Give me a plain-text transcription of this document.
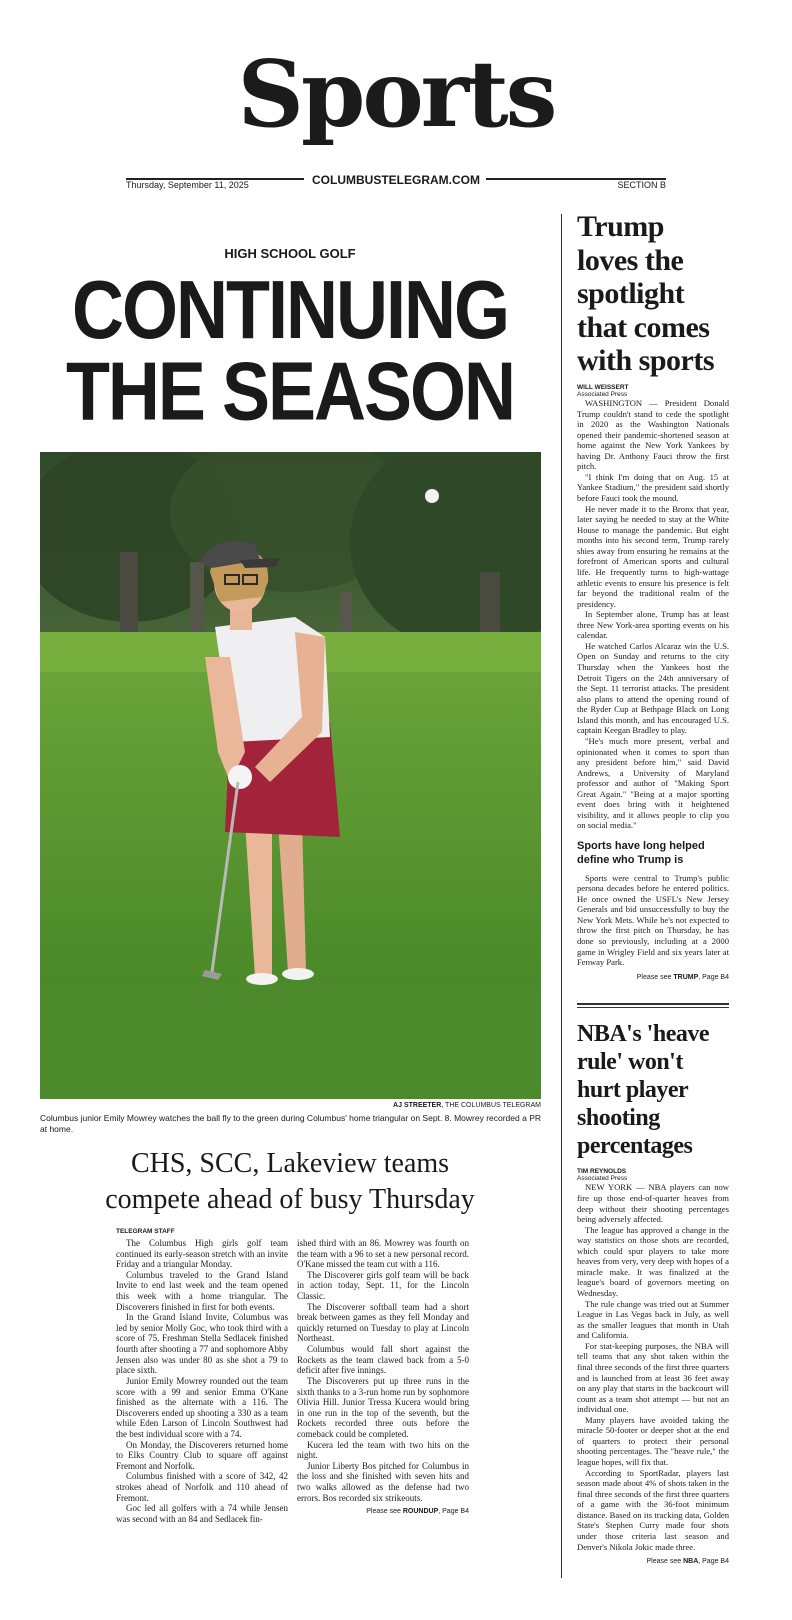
Sports
Thursday, September 11, 2025	COLUMBUSTELEGRAM.COM	SECTION B
HIGH SCHOOL GOLF
CONTINUING
THE SEASON
AJ STREETER, THE COLUMBUS TELEGRAM
Columbus junior Emily Mowrey watches the ball fly to the green during Columbus' home triangular on Sept. 8. Mowrey recorded a PR at home.
CHS, SCC, Lakeview teams compete ahead of busy Thursday
TELEGRAM STAFF

The Columbus High girls golf team continued its early-season stretch with an invite Friday and a triangular Monday.

Columbus traveled to the Grand Island Invite to end last week and the team opened this week with a home triangular. The Discoverers finished in first for both events.

In the Grand Island Invite, Columbus was led by senior Molly Goc, who took third with a score of 75. Freshman Stella Sedlacek finished fourth after shooting a 77 and sophomore Abby Jensen also was under 80 as she shot a 79 to place sixth.

Junior Emily Mowrey rounded out the team score with a 99 and senior Emma O'Kane finished as the alternate with a 116. The Discoverers ended up shooting a 330 as a team while Eden Larson of Lincoln Southwest had the best individual score with a 74.

On Monday, the Discoverers returned home to Elks Country Club to square off against Fremont and Norfolk.

Columbus finished with a score of 342, 42 strokes ahead of Norfolk and 110 ahead of Fremont.

Goc led all golfers with a 74 while Jensen was second with an 84 and Sedlacek fin-

ished third with an 86. Mowrey was fourth on the team with a 96 to set a new personal record. O'Kane missed the team cut with a 116.

The Discoverer girls golf team will be back in action today, Sept. 11, for the Lincoln Classic.

The Discoverer softball team had a short break between games as they fell Monday and quickly returned on Tuesday to play at Lincoln Northeast.

Columbus would fall short against the Rockets as the team clawed back from a 5-0 deficit after five innings.

The Discoverers put up three runs in the sixth thanks to a 3-run home run by sophomore Olivia Hill. Junior Tressa Kucera would bring in one run in the top of the seventh, but the Rockets recorded three outs before the comeback could be completed.

Kucera led the team with two hits on the night.

Junior Liberty Bos pitched for Columbus in the loss and she finished with seven hits and two walks allowed as the defense had two errors. Bos recorded six strikeouts.

Please see ROUNDUP, Page B4
Trump loves the spotlight that comes with sports
WILL WEISSERT
Associated Press

WASHINGTON — President Donald Trump couldn't stand to cede the spotlight in 2020 as the Washington Nationals opened their pandemic-shortened season at home against the New York Yankees by having Dr. Anthony Fauci throw the first pitch.

"I think I'm doing that on Aug. 15 at Yankee Stadium," the president said shortly before Fauci took the mound.

He never made it to the Bronx that year, later saying he needed to stay at the White House to manage the pandemic. But eight months into his second term, Trump rarely shies away from ensuring he remains at the forefront of American sports and cultural life. He frequently turns to high-wattage athletic events to ensure his presence is felt far beyond the traditional realm of the presidency.

In September alone, Trump has at least three New York-area sporting events on his calendar.

He watched Carlos Alcaraz win the U.S. Open on Sunday and returns to the city Thursday when the Yankees host the Detroit Tigers on the 24th anniversary of the Sept. 11 terrorist attacks. The president also plans to attend the opening round of the Ryder Cup at Bethpage Black on Long Island this month, and has encouraged U.S. captain Keegan Bradley to play.

"He's much more present, verbal and opinionated when it comes to sport than any president before him," said David Andrews, a University of Maryland professor and author of "Making Sport Great Again." "Being at a major sporting event does bring with it heightened visibility, and it allows people to clip you on social media."

Sports have long helped define who Trump is

Sports were central to Trump's public persona decades before he entered politics. He once owned the USFL's New Jersey Generals and bid unsuccessfully to buy the New York Mets. While he's not expected to throw the first pitch on Thursday, he has done so previously, including at a 2000 game in Wrigley Field and six years later at Fenway Park.

Please see TRUMP, Page B4
NBA's 'heave rule' won't hurt player shooting percentages
TIM REYNOLDS
Associated Press

NEW YORK — NBA players can now fire up those end-of-quarter heaves from deep without their shooting percentages being adversely affected.

The league has approved a change in the way statistics on those shots are recorded, which could spur players to take more heaves from very, very deep with hopes of a miracle make. It was finalized at the league's board of governors meeting on Wednesday.

The rule change was tried out at Summer League in Las Vegas back in July, as well as the smaller leagues that month in Utah and California.

For stat-keeping purposes, the NBA will tell teams that any shot taken within the final three seconds of the first three quarters and is launched from at least 36 feet away on any play that starts in the backcourt will count as a team shot attempt — but not an individual one.

Many players have avoided taking the miracle 50-footer or deeper shot at the end of quarters to protect their personal shooting percentages. The "heave rule," the league hopes, will fix that.

According to SportRadar, players last season made about 4% of shots taken in the final three seconds of the first three quarters of a game with the 36-foot minimum distance. Based on its tracking data, Golden State's Stephen Curry made four shots under those criteria last season and Denver's Nikola Jokic made three.

Please see NBA, Page B4
